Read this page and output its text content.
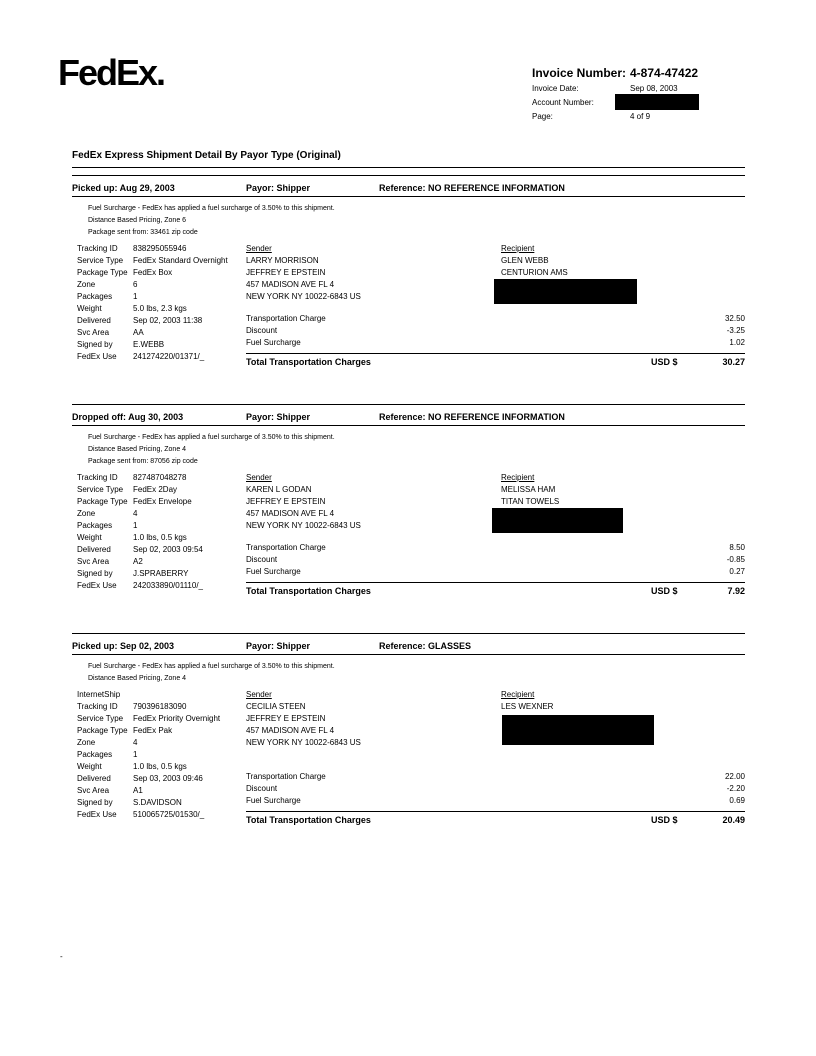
FedEx.	Invoice Number: 4-874-47422
Invoice Date:	Sep 08, 2003
Account Number:
Page:	4 of 9
FedEx Express Shipment Detail By Payor Type (Original)
Picked up: Aug 29, 2003	Payor: Shipper	Reference: NO REFERENCE INFORMATION
Fuel Surcharge - FedEx has applied a fuel surcharge of 3.50% to this shipment.
Distance Based Pricing, Zone 6
Package sent from: 33461 zip code
Tracking ID 838295055946
Service Type FedEx Standard Overnight
Package Type FedEx Box
Zone	6
Packages	1
Weight	5.0 lbs, 2.3 kgs
Delivered	Sep 02, 2003 11:38
Svc Area	AA
Signed by	E.WEBB
FedEx Use 241274220/01371/_
Sender
LARRY MORRISON
JEFFREY E EPSTEIN
457 MADISON AVE FL 4
NEW YORK NY 10022-6843 US
Recipient
GLEN WEBB
CENTURION AMS
Transportation Charge	32.50
Discount	-3.25
Fuel Surcharge	1.02
Total Transportation Charges	USD $	30.27
Dropped off: Aug 30, 2003	Payor: Shipper	Reference: NO REFERENCE INFORMATION
Fuel Surcharge - FedEx has applied a fuel surcharge of 3.50% to this shipment.
Distance Based Pricing, Zone 4
Package sent from: 87056 zip code
Tracking ID 827487048278
Service Type FedEx 2Day
Package Type FedEx Envelope
Zone	4
Packages	1
Weight	1.0 lbs, 0.5 kgs
Delivered	Sep 02, 2003 09:54
Svc Area	A2
Signed by	J.SPRABERRY
FedEx Use 242033890/01110/_
Sender
KAREN L GODAN
JEFFREY E EPSTEIN
457 MADISON AVE FL 4
NEW YORK NY 10022-6843 US
Recipient
MELISSA HAM
TITAN TOWELS
Transportation Charge	8.50
Discount	-0.85
Fuel Surcharge	0.27
Total Transportation Charges	USD $	7.92
Picked up: Sep 02, 2003	Payor: Shipper	Reference: GLASSES
Fuel Surcharge - FedEx has applied a fuel surcharge of 3.50% to this shipment.
Distance Based Pricing, Zone 4
InternetShip
Tracking ID 790396183090
Service Type FedEx Priority Overnight
Package Type FedEx Pak
Zone	4
Packages	1
Weight	1.0 lbs, 0.5 kgs
Delivered	Sep 03, 2003 09:46
Svc Area	A1
Signed by	S.DAVIDSON
FedEx Use 510065725/01530/_
Sender
CECILIA STEEN
JEFFREY E EPSTEIN
457 MADISON AVE FL 4
NEW YORK NY 10022-6843 US
Recipient
LES WEXNER
Transportation Charge	22.00
Discount	-2.20
Fuel Surcharge	0.69
Total Transportation Charges	USD $	20.49
-
